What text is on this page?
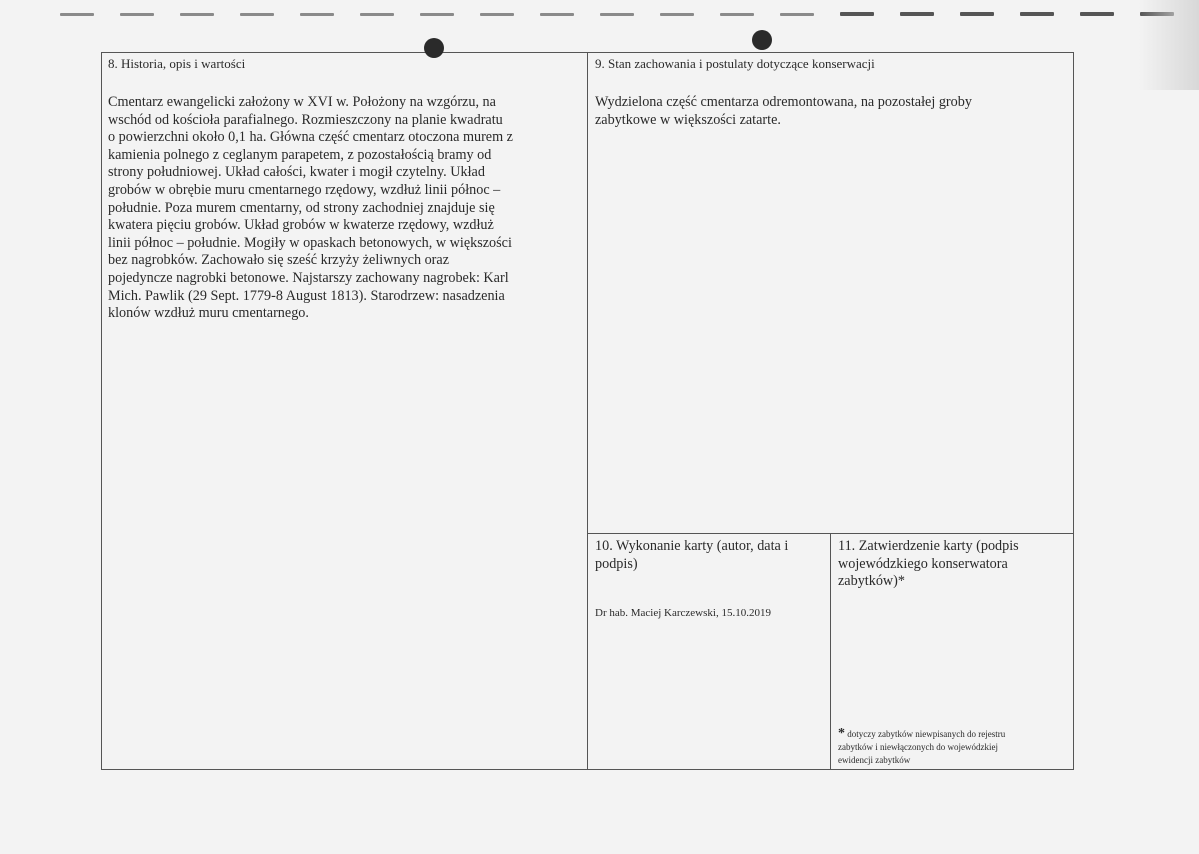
8. Historia, opis i wartości
Cmentarz ewangelicki założony w XVI w. Położony na wzgórzu, na
wschód od kościoła parafialnego. Rozmieszczony na planie kwadratu
o powierzchni około 0,1 ha. Główna część cmentarz otoczona murem z
kamienia polnego z ceglanym parapetem, z pozostałością bramy od
strony południowej. Układ całości, kwater i mogił czytelny. Układ
grobów w obrębie muru cmentarnego rzędowy, wzdłuż linii północ –
południe. Poza murem cmentarny, od strony zachodniej znajduje się
kwatera pięciu grobów. Układ grobów w kwaterze rzędowy, wzdłuż
linii północ – południe. Mogiły w opaskach betonowych, w większości
bez nagrobków. Zachowało się sześć krzyży żeliwnych oraz
pojedyncze nagrobki betonowe. Najstarszy zachowany nagrobek: Karl
Mich. Pawlik (29 Sept. 1779-8 August 1813). Starodrzew: nasadzenia
klonów wzdłuż muru cmentarnego.
9. Stan zachowania i postulaty dotyczące konserwacji
Wydzielona część cmentarza odremontowana, na pozostałej groby
zabytkowe w większości zatarte.
10. Wykonanie karty (autor, data i
podpis)
Dr hab. Maciej Karczewski, 15.10.2019
11. Zatwierdzenie karty (podpis
wojewódzkiego konserwatora
zabytków)*
* dotyczy zabytków niewpisanych do rejestru
zabytków i niewłączonych do wojewódzkiej
ewidencji zabytków
